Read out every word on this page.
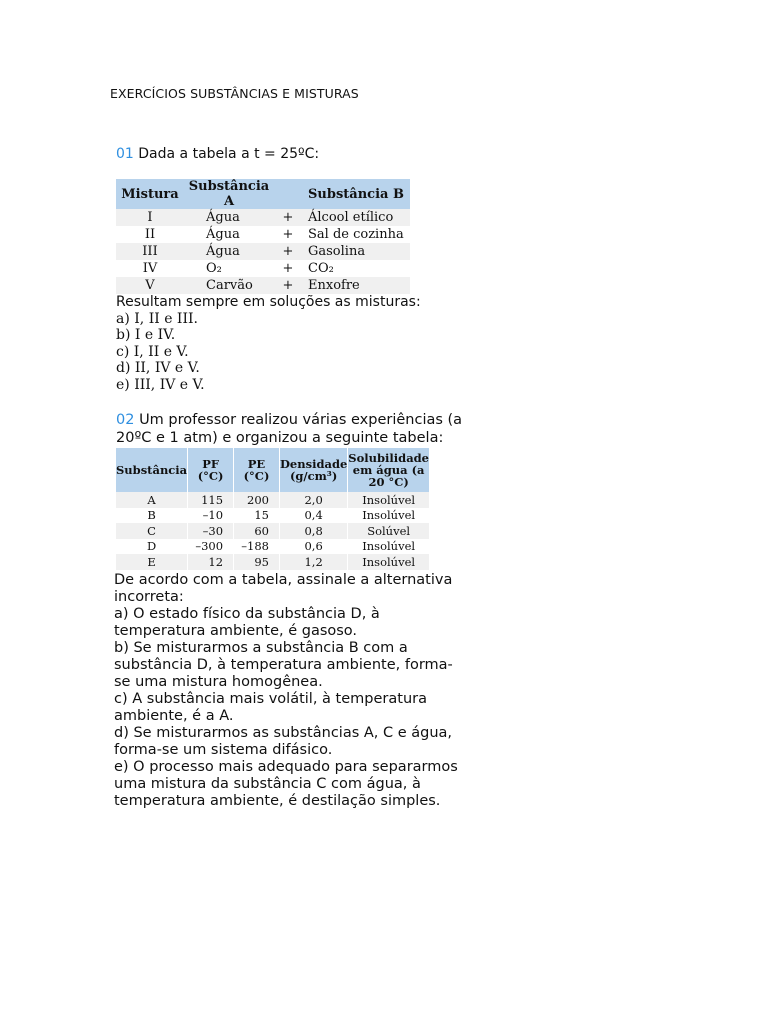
EXERCÍCIOS SUBSTÂNCIAS E MISTURAS
01 Dada a tabela a t = 25ºC:
Mistura	Substância A		Substância B
I	Água	+	Álcool etílico
II	Água	+	Sal de cozinha
III	Água	+	Gasolina
IV	O₂	+	CO₂
V	Carvão	+	Enxofre
Resultam sempre em soluções as misturas:
a) I, II e III.
b) I e IV.
c) I, II e V.
d) II, IV e V.
e) III, IV e V.
02 Um professor realizou várias experiências (a
20ºC e 1 atm) e organizou a seguinte tabela:
Substância	PF (°C)	PE (°C)	Densidade (g/cm³)	Solubilidade em água (a 20 °C)
A	115	200	2,0	Insolúvel
B	–10	15	0,4	Insolúvel
C	–30	60	0,8	Solúvel
D	–300	–188	0,6	Insolúvel
E	12	95	1,2	Insolúvel
De acordo com a tabela, assinale a alternativa
incorreta:
a) O estado físico da substância D, à
temperatura ambiente, é gasoso.
b) Se misturarmos a substância B com a
substância D, à temperatura ambiente, forma-
se uma mistura homogênea.
c) A substância mais volátil, à temperatura
ambiente, é a A.
d) Se misturarmos as substâncias A, C e água,
forma-se um sistema difásico.
e) O processo mais adequado para separarmos
uma mistura da substância C com água, à
temperatura ambiente, é destilação simples.
